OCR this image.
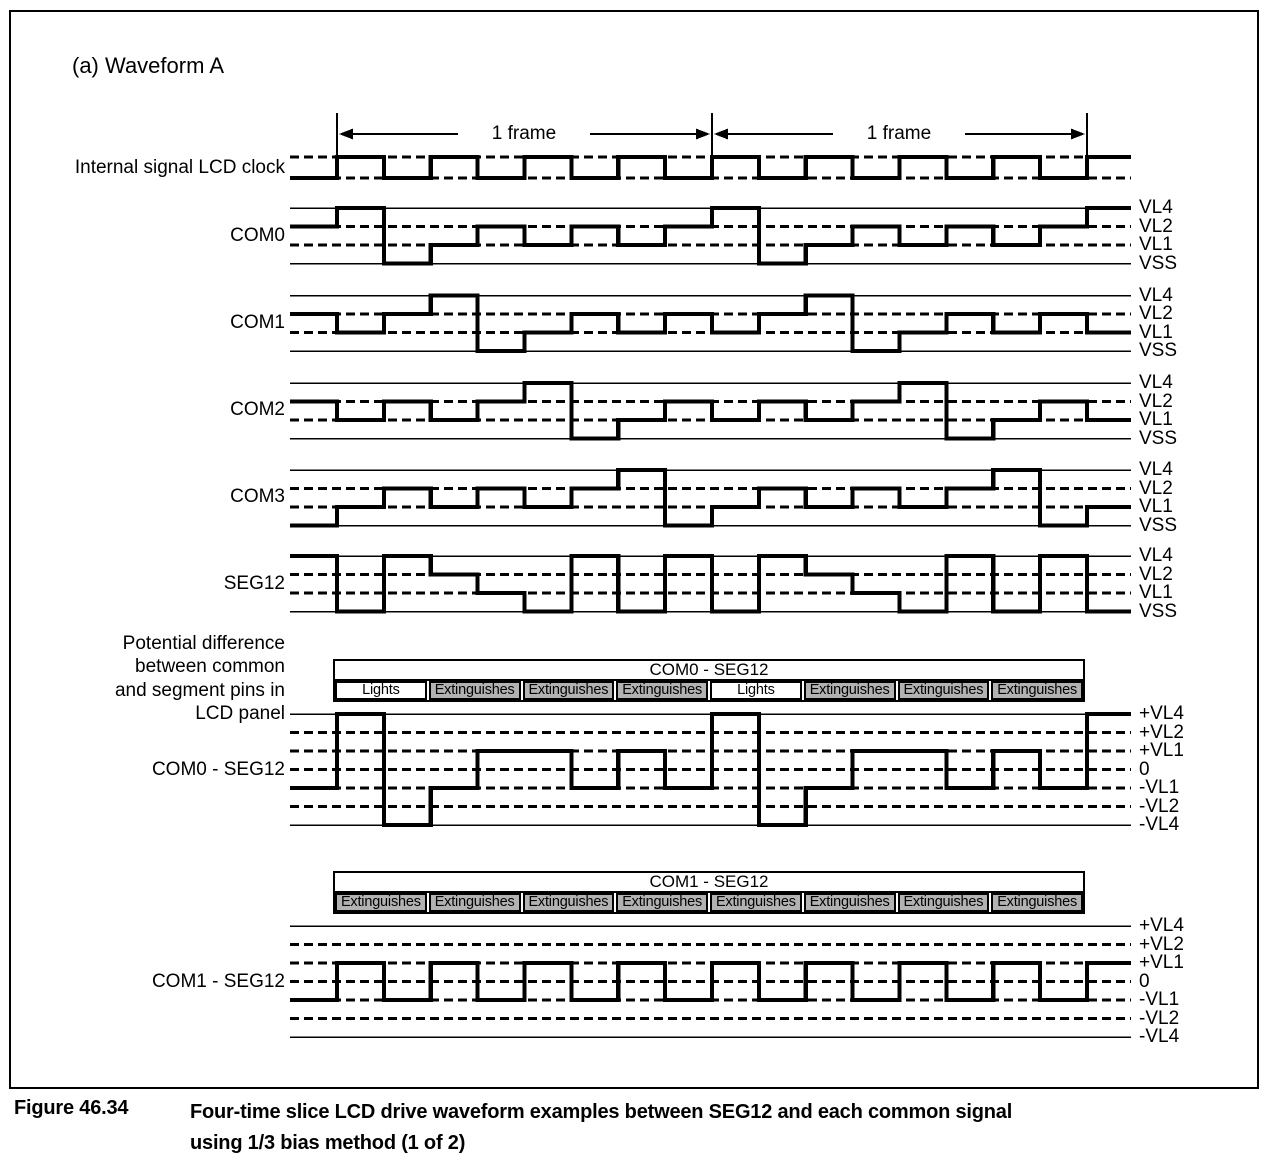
(a) Waveform A
1 frame	1 frame
Internal signal LCD clock
COM0
VL4
VL2
VL1
VSS
COM1
VL4
VL2
VL1
VSS
COM2
VL4
VL2
VL1
VSS
COM3
VL4
VL2
VL1
VSS
SEG12
VL4
VL2
VL1
VSS
COM0 - SEG12
+VL4
+VL2
+VL1
0
-VL1
-VL2
-VL4
COM1 - SEG12
+VL4
+VL2
+VL1
0
-VL1
-VL2
-VL4
Potential difference
between common
and segment pins in
LCD panel
COM0 - SEG12
Lights	Extinguishes Extinguishes Extinguishes	Lights	Extinguishes Extinguishes Extinguishes
COM1 - SEG12
Extinguishes Extinguishes Extinguishes Extinguishes Extinguishes Extinguishes Extinguishes Extinguishes
Figure 46.34	Four-time slice LCD drive waveform examples between SEG12 and each common signal
using 1/3 bias method (1 of 2)
